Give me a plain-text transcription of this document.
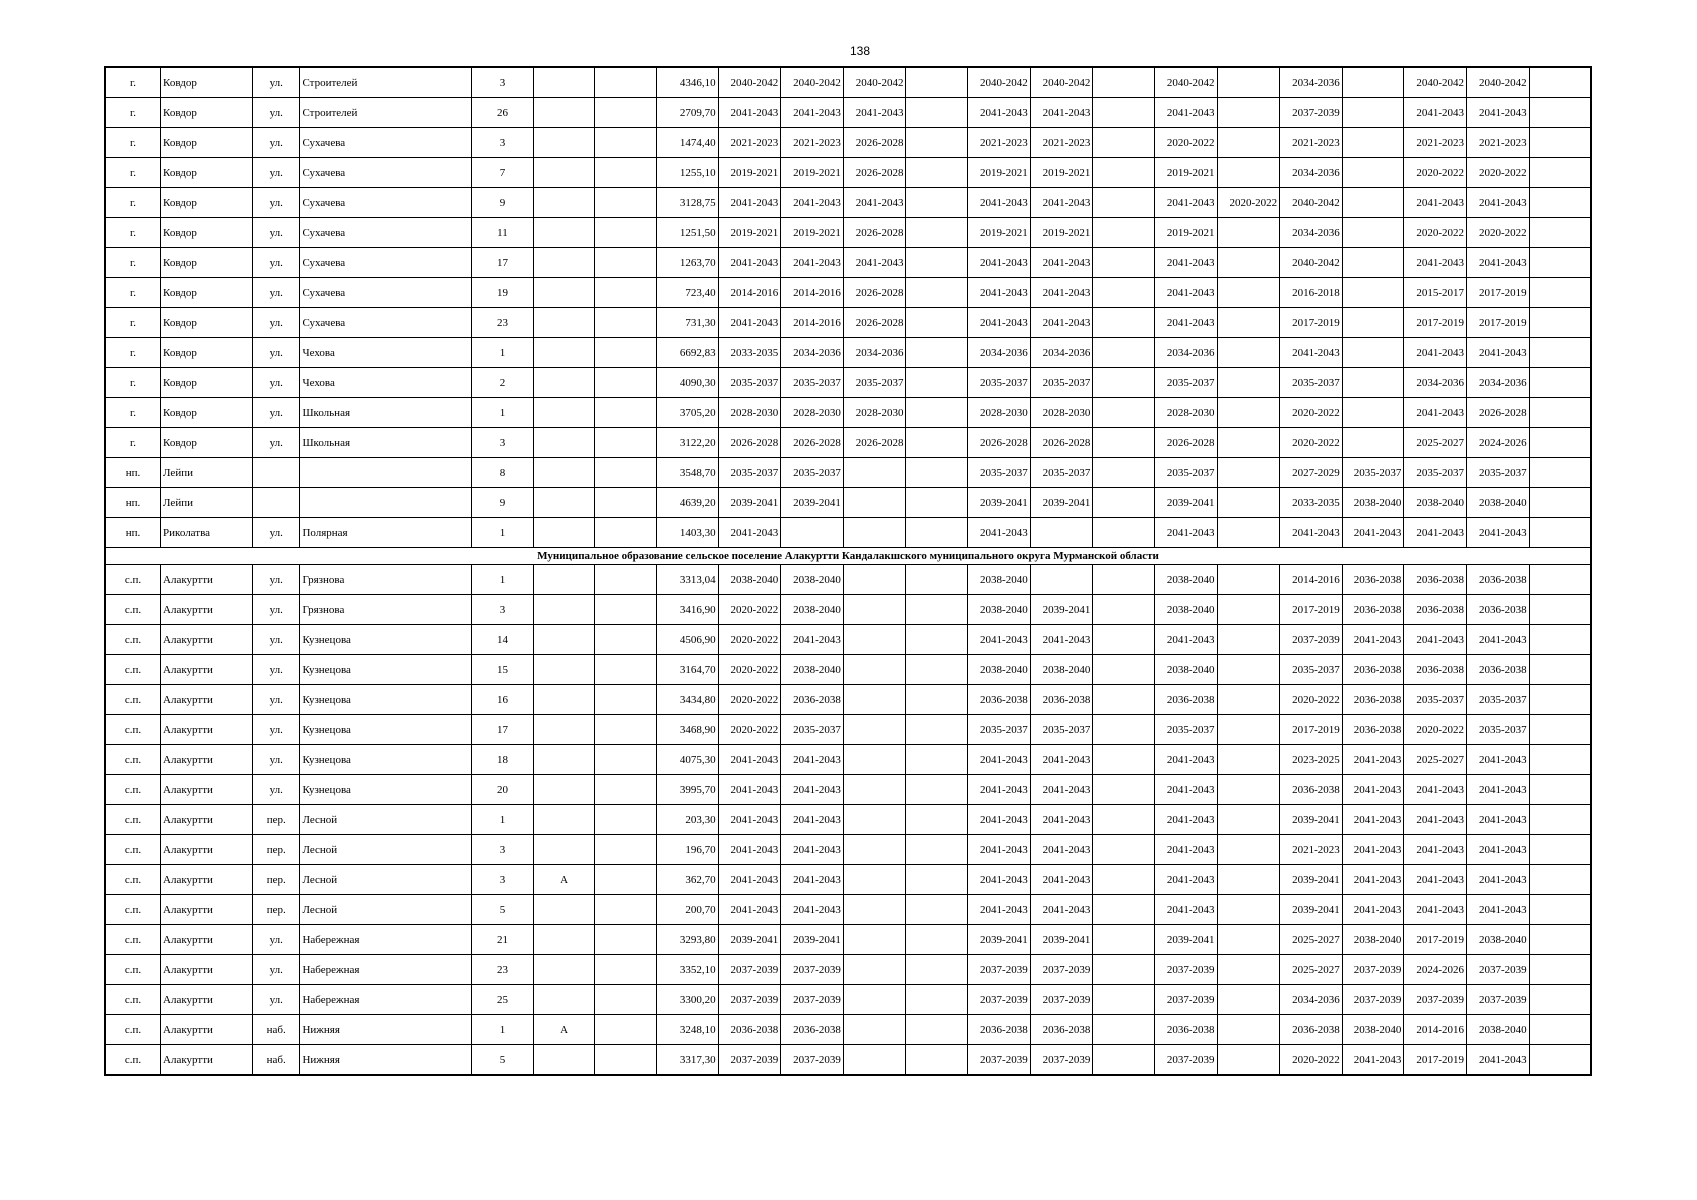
138
г.	Ковдор	ул.	Строителей	3			4346,10	2040-2042	2040-2042	2040-2042		2040-2042	2040-2042		2040-2042		2034-2036		2040-2042	2040-2042	
г.	Ковдор	ул.	Строителей	26			2709,70	2041-2043	2041-2043	2041-2043		2041-2043	2041-2043		2041-2043		2037-2039		2041-2043	2041-2043	
г.	Ковдор	ул.	Сухачева	3			1474,40	2021-2023	2021-2023	2026-2028		2021-2023	2021-2023		2020-2022		2021-2023		2021-2023	2021-2023	
г.	Ковдор	ул.	Сухачева	7			1255,10	2019-2021	2019-2021	2026-2028		2019-2021	2019-2021		2019-2021		2034-2036		2020-2022	2020-2022	
г.	Ковдор	ул.	Сухачева	9			3128,75	2041-2043	2041-2043	2041-2043		2041-2043	2041-2043		2041-2043	2020-2022	2040-2042		2041-2043	2041-2043	
г.	Ковдор	ул.	Сухачева	11			1251,50	2019-2021	2019-2021	2026-2028		2019-2021	2019-2021		2019-2021		2034-2036		2020-2022	2020-2022	
г.	Ковдор	ул.	Сухачева	17			1263,70	2041-2043	2041-2043	2041-2043		2041-2043	2041-2043		2041-2043		2040-2042		2041-2043	2041-2043	
г.	Ковдор	ул.	Сухачева	19			723,40	2014-2016	2014-2016	2026-2028		2041-2043	2041-2043		2041-2043		2016-2018		2015-2017	2017-2019	
г.	Ковдор	ул.	Сухачева	23			731,30	2041-2043	2014-2016	2026-2028		2041-2043	2041-2043		2041-2043		2017-2019		2017-2019	2017-2019	
г.	Ковдор	ул.	Чехова	1			6692,83	2033-2035	2034-2036	2034-2036		2034-2036	2034-2036		2034-2036		2041-2043		2041-2043	2041-2043	
г.	Ковдор	ул.	Чехова	2			4090,30	2035-2037	2035-2037	2035-2037		2035-2037	2035-2037		2035-2037		2035-2037		2034-2036	2034-2036	
г.	Ковдор	ул.	Школьная	1			3705,20	2028-2030	2028-2030	2028-2030		2028-2030	2028-2030		2028-2030		2020-2022		2041-2043	2026-2028	
г.	Ковдор	ул.	Школьная	3			3122,20	2026-2028	2026-2028	2026-2028		2026-2028	2026-2028		2026-2028		2020-2022		2025-2027	2024-2026	
нп.	Лейпи			8			3548,70	2035-2037	2035-2037			2035-2037	2035-2037		2035-2037		2027-2029	2035-2037	2035-2037	2035-2037	
нп.	Лейпи			9			4639,20	2039-2041	2039-2041			2039-2041	2039-2041		2039-2041		2033-2035	2038-2040	2038-2040	2038-2040	
нп.	Риколатва	ул.	Полярная	1			1403,30	2041-2043				2041-2043			2041-2043		2041-2043	2041-2043	2041-2043	2041-2043	
Муниципальное образование сельское поселение Алакуртти Кандалакшского муниципального округа Мурманской области																					
с.п.	Алакуртти	ул.	Грязнова	1			3313,04	2038-2040	2038-2040			2038-2040			2038-2040		2014-2016	2036-2038	2036-2038	2036-2038	
с.п.	Алакуртти	ул.	Грязнова	3			3416,90	2020-2022	2038-2040			2038-2040	2039-2041		2038-2040		2017-2019	2036-2038	2036-2038	2036-2038	
с.п.	Алакуртти	ул.	Кузнецова	14			4506,90	2020-2022	2041-2043			2041-2043	2041-2043		2041-2043		2037-2039	2041-2043	2041-2043	2041-2043	
с.п.	Алакуртти	ул.	Кузнецова	15			3164,70	2020-2022	2038-2040			2038-2040	2038-2040		2038-2040		2035-2037	2036-2038	2036-2038	2036-2038	
с.п.	Алакуртти	ул.	Кузнецова	16			3434,80	2020-2022	2036-2038			2036-2038	2036-2038		2036-2038		2020-2022	2036-2038	2035-2037	2035-2037	
с.п.	Алакуртти	ул.	Кузнецова	17			3468,90	2020-2022	2035-2037			2035-2037	2035-2037		2035-2037		2017-2019	2036-2038	2020-2022	2035-2037	
с.п.	Алакуртти	ул.	Кузнецова	18			4075,30	2041-2043	2041-2043			2041-2043	2041-2043		2041-2043		2023-2025	2041-2043	2025-2027	2041-2043	
с.п.	Алакуртти	ул.	Кузнецова	20			3995,70	2041-2043	2041-2043			2041-2043	2041-2043		2041-2043		2036-2038	2041-2043	2041-2043	2041-2043	
с.п.	Алакуртти	пер.	Лесной	1			203,30	2041-2043	2041-2043			2041-2043	2041-2043		2041-2043		2039-2041	2041-2043	2041-2043	2041-2043	
с.п.	Алакуртти	пер.	Лесной	3			196,70	2041-2043	2041-2043			2041-2043	2041-2043		2041-2043		2021-2023	2041-2043	2041-2043	2041-2043	
с.п.	Алакуртти	пер.	Лесной	3	А		362,70	2041-2043	2041-2043			2041-2043	2041-2043		2041-2043		2039-2041	2041-2043	2041-2043	2041-2043	
с.п.	Алакуртти	пер.	Лесной	5			200,70	2041-2043	2041-2043			2041-2043	2041-2043		2041-2043		2039-2041	2041-2043	2041-2043	2041-2043	
с.п.	Алакуртти	ул.	Набережная	21			3293,80	2039-2041	2039-2041			2039-2041	2039-2041		2039-2041		2025-2027	2038-2040	2017-2019	2038-2040	
с.п.	Алакуртти	ул.	Набережная	23			3352,10	2037-2039	2037-2039			2037-2039	2037-2039		2037-2039		2025-2027	2037-2039	2024-2026	2037-2039	
с.п.	Алакуртти	ул.	Набережная	25			3300,20	2037-2039	2037-2039			2037-2039	2037-2039		2037-2039		2034-2036	2037-2039	2037-2039	2037-2039	
с.п.	Алакуртти	наб.	Нижняя	1	А		3248,10	2036-2038	2036-2038			2036-2038	2036-2038		2036-2038		2036-2038	2038-2040	2014-2016	2038-2040	
с.п.	Алакуртти	наб.	Нижняя	5			3317,30	2037-2039	2037-2039			2037-2039	2037-2039		2037-2039		2020-2022	2041-2043	2017-2019	2041-2043	
